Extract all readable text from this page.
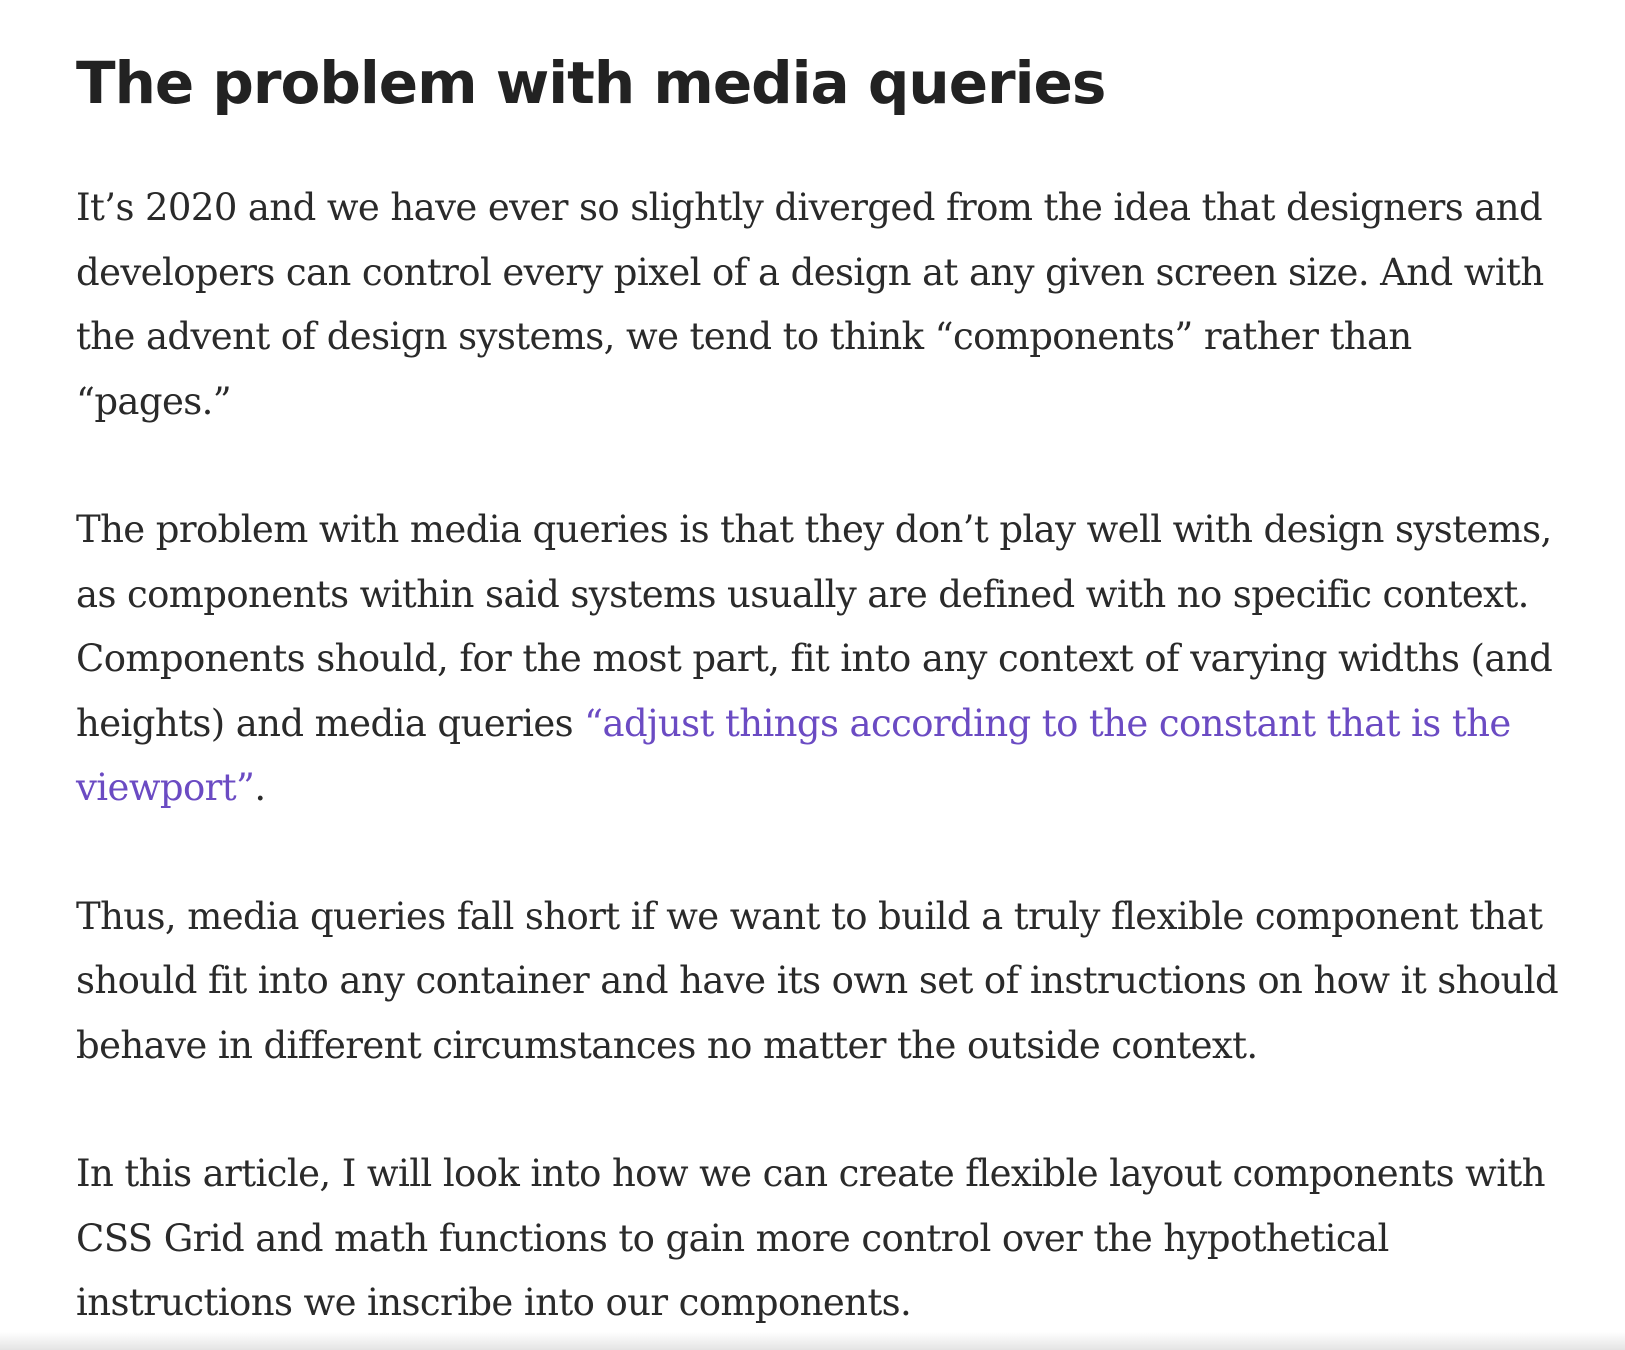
The problem with media queries

It’s 2020 and we have ever so slightly diverged from the idea that designers and
developers can control every pixel of a design at any given screen size. And with
the advent of design systems, we tend to think “components” rather than
“pages.”

The problem with media queries is that they don’t play well with design systems,
as components within said systems usually are defined with no specific context.
Components should, for the most part, fit into any context of varying widths (and
heights) and media queries “adjust things according to the constant that is the
viewport”.

Thus, media queries fall short if we want to build a truly flexible component that
should fit into any container and have its own set of instructions on how it should
behave in different circumstances no matter the outside context.

In this article, I will look into how we can create flexible layout components with
CSS Grid and math functions to gain more control over the hypothetical
instructions we inscribe into our components.
